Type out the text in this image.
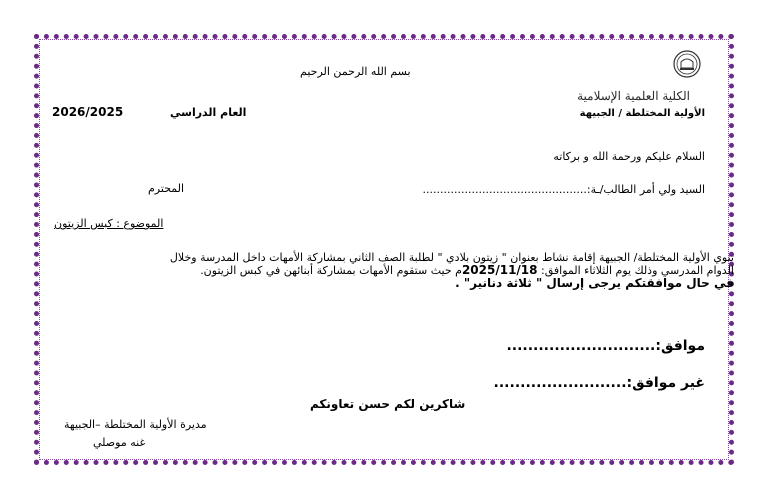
بسم الله الرحمن الرحيم
الكلية العلمية الإسلامية
الأولية المختلطة / الجبيهة
العام الدراسي
2026/2025
السلام عليكم ورحمة الله و بركاته
السيد ولي أمر الطالب/ـة:...............................................
المحترم
الموضوع : كبس الزيتون
تنوي الأولية المختلطة/ الجبيهة إقامة نشاط بعنوان " زيتون بلادي " لطلبة الصف الثاني بمشاركة الأمهات داخل المدرسة وخلال
الدوام المدرسي وذلك يوم الثلاثاء الموافق: 2025/11/18م حيث ستقوم الأمهات بمشاركة أبنائهن في كبس الزيتون.
في حال موافقتكم يرجى إرسال " ثلاثة دنانير" .
موافق:............................
غير موافق:.........................
شاكرين لكم حسن تعاونكم
مديرة الأولية المختلطة –الجبيهة
غنه موصلي
